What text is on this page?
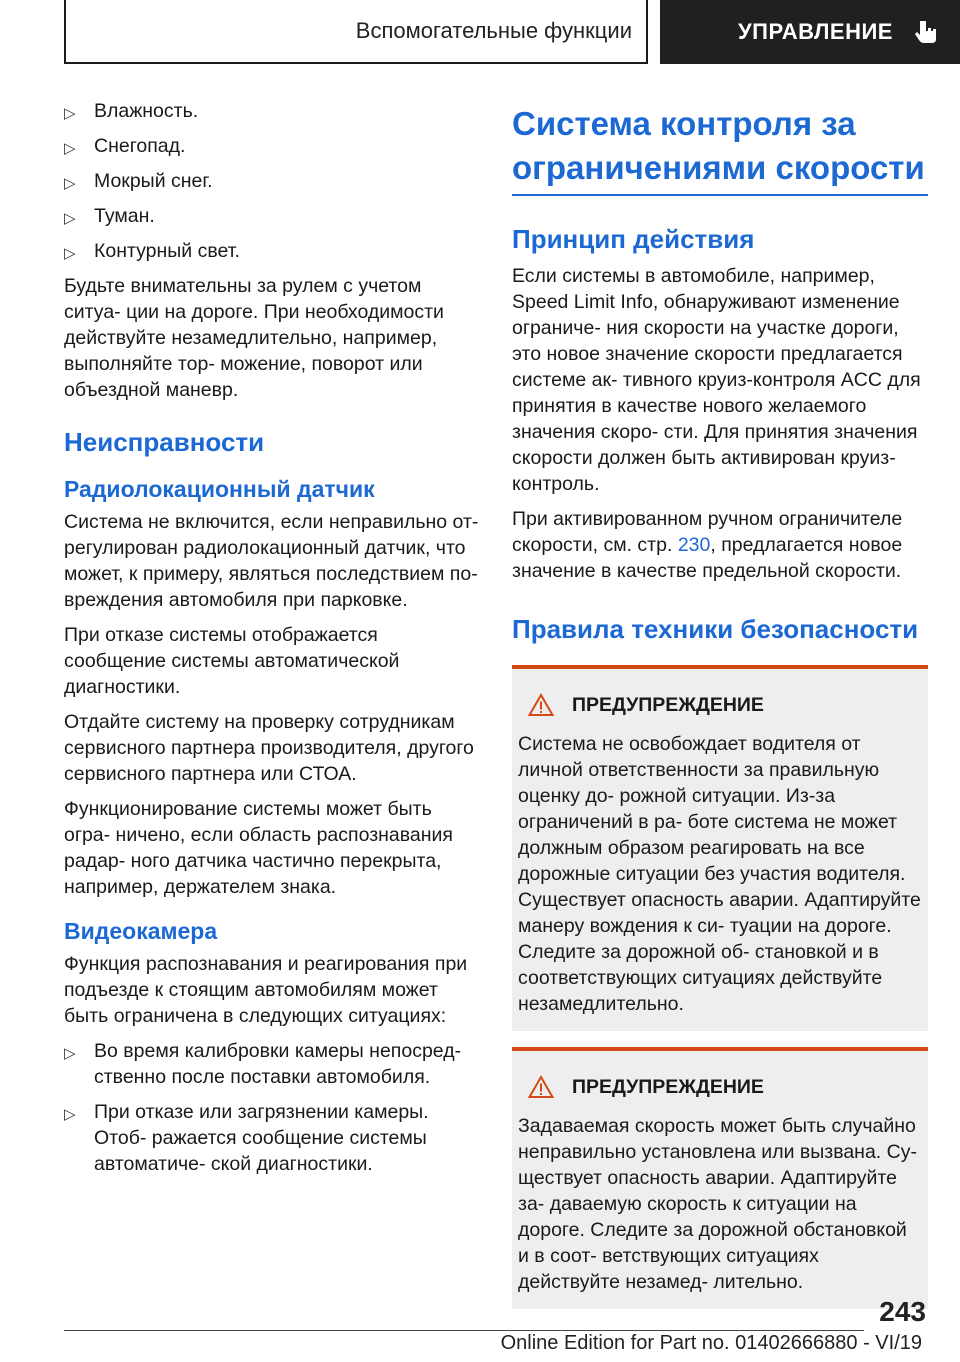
Вспомогательные функции	УПРАВЛЕНИЕ
▷ Влажность.
▷ Снегопад.
▷ Мокрый снег.
▷ Туман.
▷ Контурный свет.

Будьте внимательны за рулем с учетом ситуа- ции на дороге. При необходимости действуйте незамедлительно, например, выполняйте тор- можение, поворот или объездной маневр.

Неисправности
Радиолокационный датчик

Система не включится, если неправильно от- регулирован радиолокационный датчик, что может, к примеру, являться последствием по- вреждения автомобиля при парковке.

При отказе системы отображается сообщение системы автоматической диагностики.

Отдайте систему на проверку сотрудникам сервисного партнера производителя, другого сервисного партнера или СТОА.

Функционирование системы может быть огра- ничено, если область распознавания радар- ного датчика частично перекрыта, например, держателем знака.

Видеокамера

Функция распознавания и реагирования при подъезде к стоящим автомобилям может быть ограничена в следующих ситуациях:

▷ Во время калибровки камеры непосред- ственно после поставки автомобиля.
▷ При отказе или загрязнении камеры. Отоб- ражается сообщение системы автоматиче- ской диагностики.
Система контроля за ограничениями скорости
Принцип действия

Если системы в автомобиле, например, Speed Limit Info, обнаруживают изменение ограниче- ния скорости на участке дороги, это новое значение скорости предлагается системе ак- тивного круиз-контроля ACC для принятия в качестве нового желаемого значения скоро- сти. Для принятия значения скорости должен быть активирован круиз-контроль.

При активированном ручном ограничителе скорости, см. стр. 230, предлагается новое значение в качестве предельной скорости.

Правила техники безопасности
ПРЕДУПРЕЖДЕНИЕ

Система не освобождает водителя от личной ответственности за правильную оценку до- рожной ситуации. Из-за ограничений в ра- боте система не может должным образом реагировать на все дорожные ситуации без участия водителя. Существует опасность аварии. Адаптируйте манеру вождения к си- туации на дороге. Следите за дорожной об- становкой и в соответствующих ситуациях действуйте незамедлительно.

ПРЕДУПРЕЖДЕНИЕ

Задаваемая скорость может быть случайно неправильно установлена или вызвана. Су- ществует опасность аварии. Адаптируйте за- даваемую скорость к ситуации на дороге. Следите за дорожной обстановкой и в соот- ветствующих ситуациях действуйте незамед- лительно.

243
Online Edition for Part no. 01402666880 - VI/19
